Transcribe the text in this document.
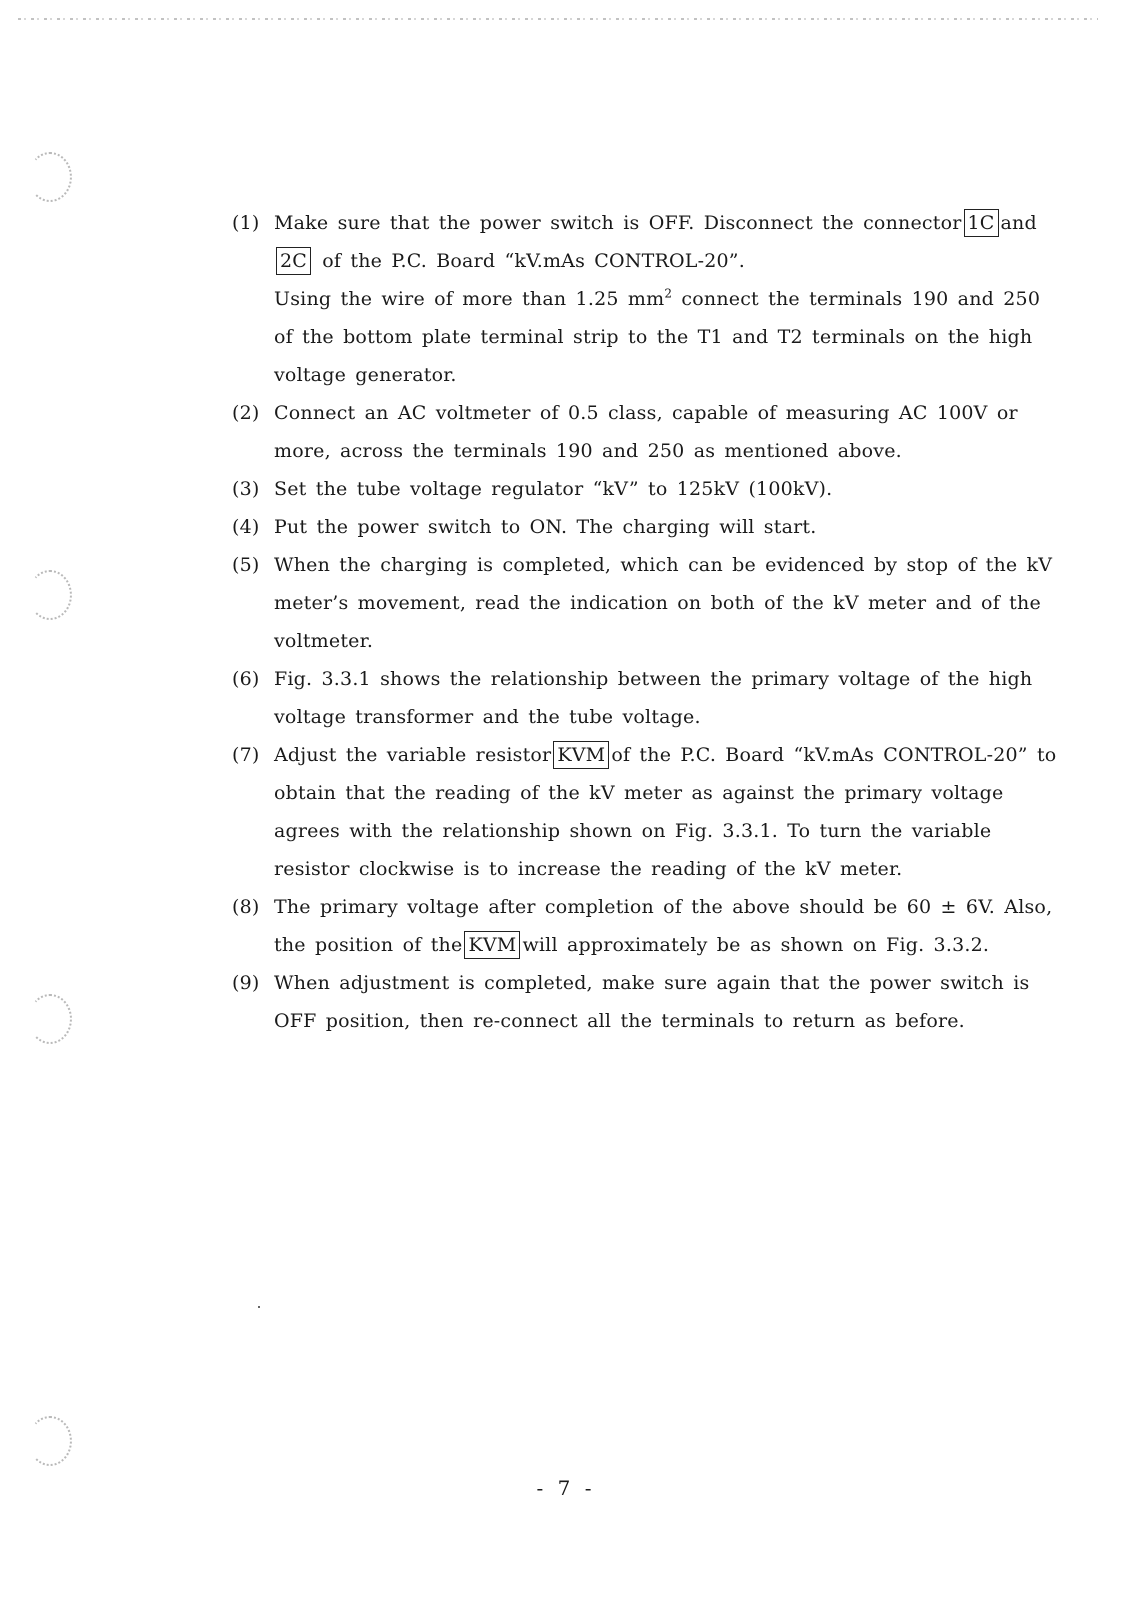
(1) Make sure that the power switch is OFF. Disconnect the connector 1C and2C of the P.C. Board “kV.mAs CONTROL-20”.

Using the wire of more than 1.25 $mm^2$ connect the terminals 190 and 250 of the bottom plate terminal strip to the T1 and T2 terminals on the high voltage generator.

(2) Connect an AC voltmeter of 0.5 class, capable of measuring AC 100V or more, across the terminals 190 and 250 as mentioned above.
(3) Set the tube voltage regulator “kV” to 125kV (100kV).
(4) Put the power switch to ON. The charging will start.
(5) When the charging is completed, which can be evidenced by stop of the kV meter’s movement, read the indication on both of the kV meter and of the voltmeter.
(6) Fig. 3.3.1 shows the relationship between the primary voltage of the high voltage transformer and the tube voltage.
(7) Adjust the variable resistor KVM of the P.C. Board “kV.mAs CONTROL-20” to obtain that the reading of the kV meter as against the primary voltage agrees with the relationship shown on Fig. 3.3.1. To turn the variable resistor clockwise is to increase the reading of the kV meter.
(8) The primary voltage after completion of the above should be 60 ± 6V. Also, the position of the KVM will approximately be as shown on Fig. 3.3.2.
(9) When adjustment is completed, make sure again that the power switch is OFF position, then re-connect all the terminals to return as before.
- 7 -
